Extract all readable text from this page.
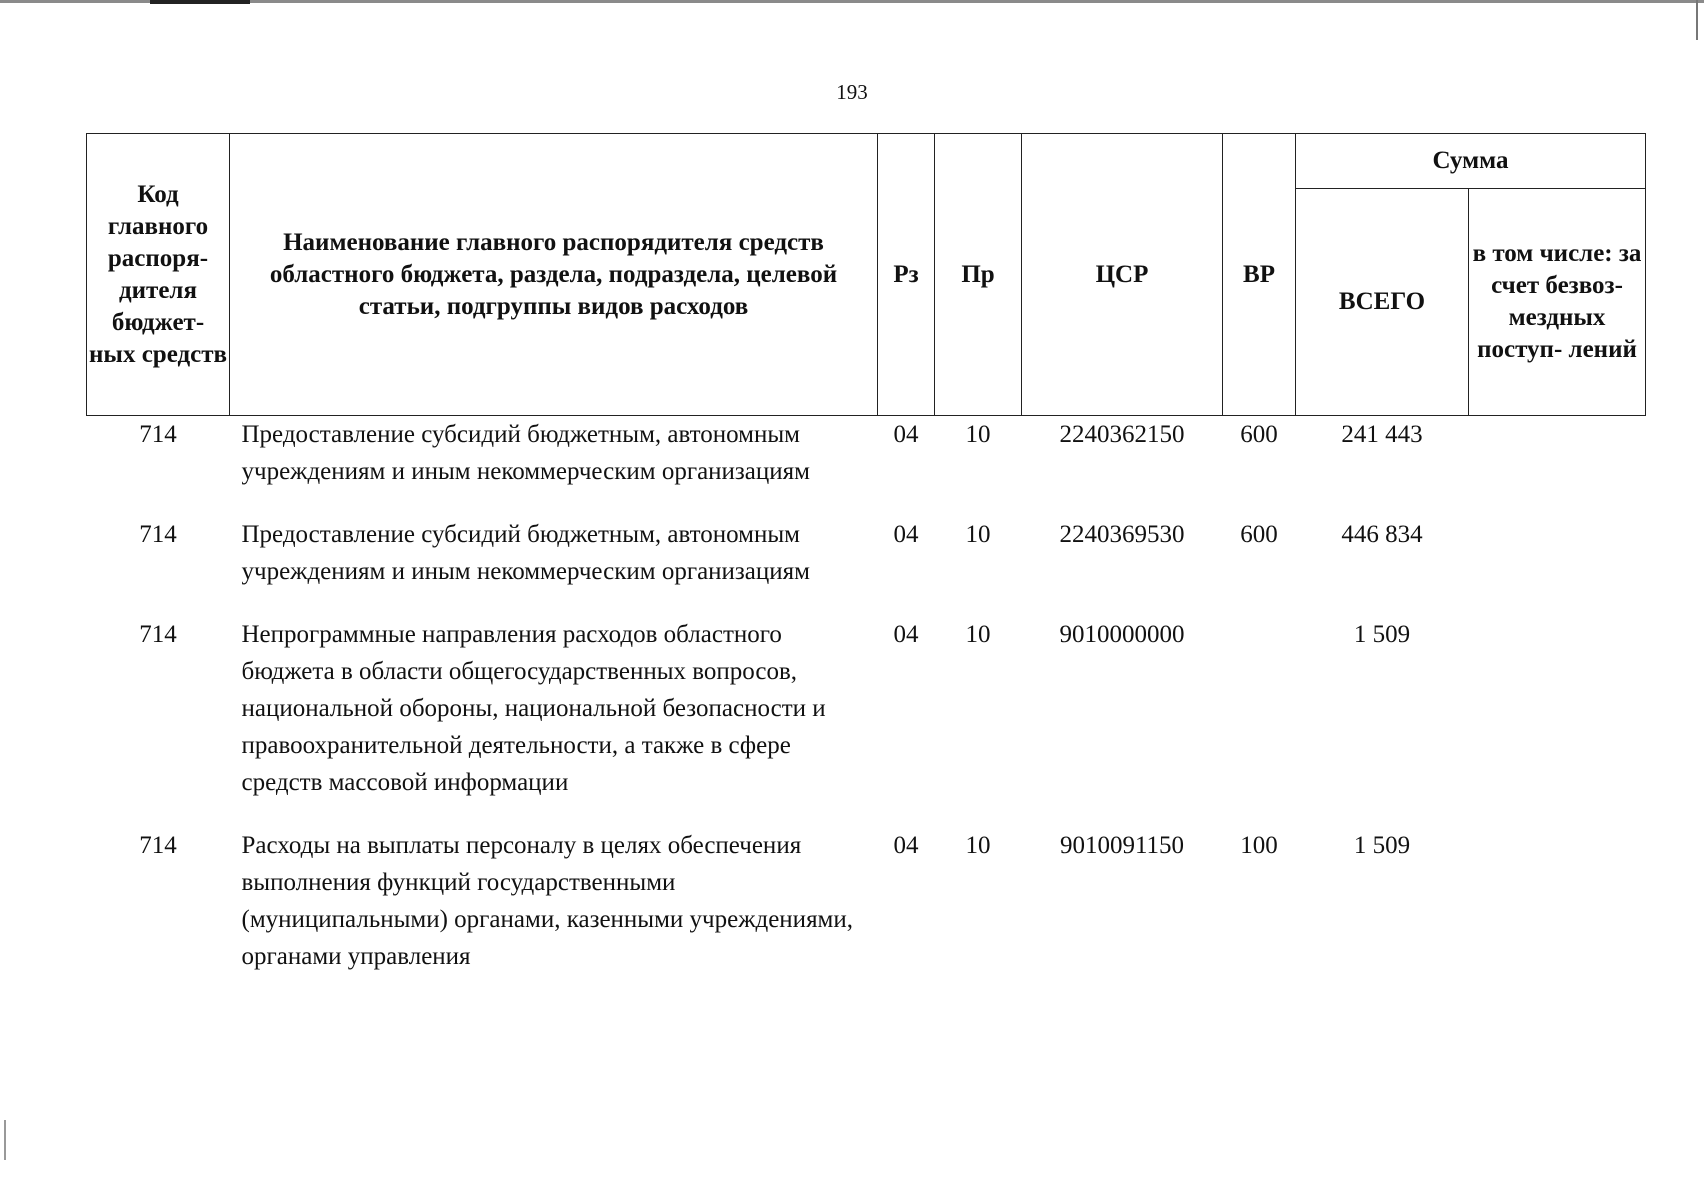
193
Код главного распоря- дителя бюджет- ных средств	Наименование главного распорядителя средств областного бюджета, раздела, подраздела, целевой статьи, подгруппы видов расходов	Рз	Пр	ЦСР	ВР	Сумма	
						ВСЕГО	в том числе: за счет безвоз- мездных поступ- лений
714	Предоставление субсидий бюджетным, автономным учреждениям и иным некоммерческим организациям	04	10	2240362150	600	241 443	
714	Предоставление субсидий бюджетным, автономным учреждениям и иным некоммерческим организациям	04	10	2240369530	600	446 834	
714	Непрограммные направления расходов областного бюджета в области общегосударственных вопросов, национальной обороны, национальной безопасности и правоохранительной деятельности, а также в сфере средств массовой информации	04	10	9010000000		1 509	
714	Расходы на выплаты персоналу в целях обеспечения выполнения функций государственными (муниципальными) органами, казенными учреждениями, органами управления	04	10	9010091150	100	1 509	
